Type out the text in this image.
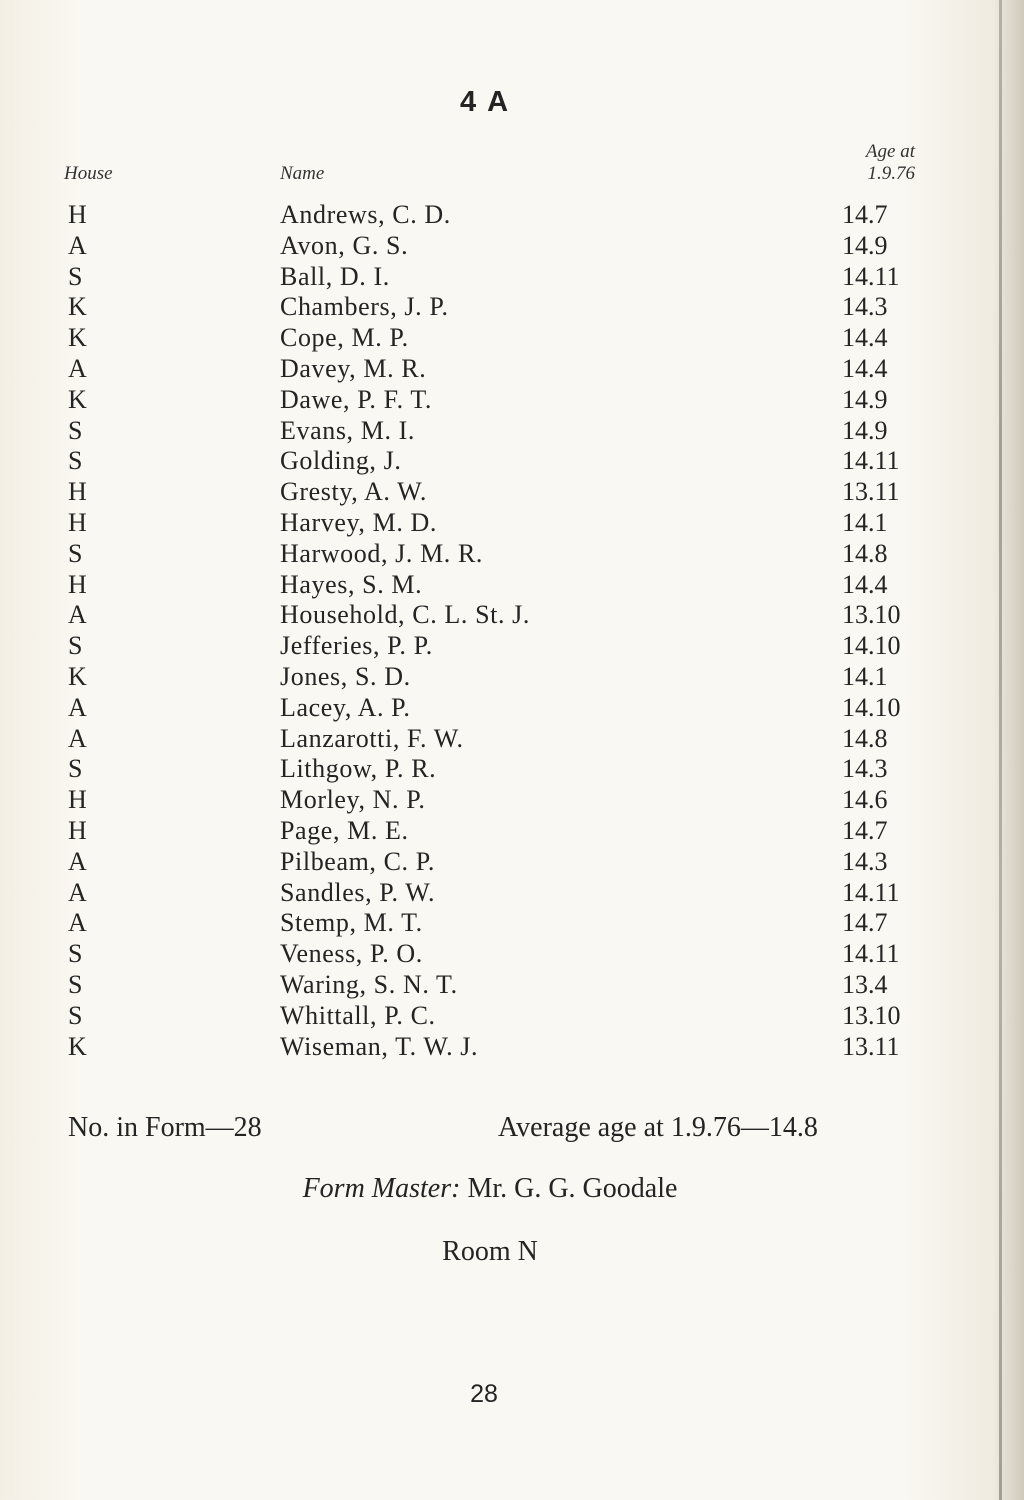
4 A
House	Name
Age at
1.9.76
H	Andrews, C. D.	14.7
A	Avon, G. S.	14.9
S	Ball, D. I.	14.11
K	Chambers, J. P.	14.3
K	Cope, M. P.	14.4
A	Davey, M. R.	14.4
K	Dawe, P. F. T.	14.9
S	Evans, M. I.	14.9
S	Golding, J.	14.11
H	Gresty, A. W.	13.11
H	Harvey, M. D.	14.1
S	Harwood, J. M. R.	14.8
H	Hayes, S. M.	14.4
A	Household, C. L. St. J.	13.10
S	Jefferies, P. P.	14.10
K	Jones, S. D.	14.1
A	Lacey, A. P.	14.10
A	Lanzarotti, F. W.	14.8
S	Lithgow, P. R.	14.3
H	Morley, N. P.	14.6
H	Page, M. E.	14.7
A	Pilbeam, C. P.	14.3
A	Sandles, P. W.	14.11
A	Stemp, M. T.	14.7
S	Veness, P. O.	14.11
S	Waring, S. N. T.	13.4
S	Whittall, P. C.	13.10
K	Wiseman, T. W. J.	13.11
No. in Form—28	Average age at 1.9.76—14.8
Form Master: Mr. G. G. Goodale
Room N
28
